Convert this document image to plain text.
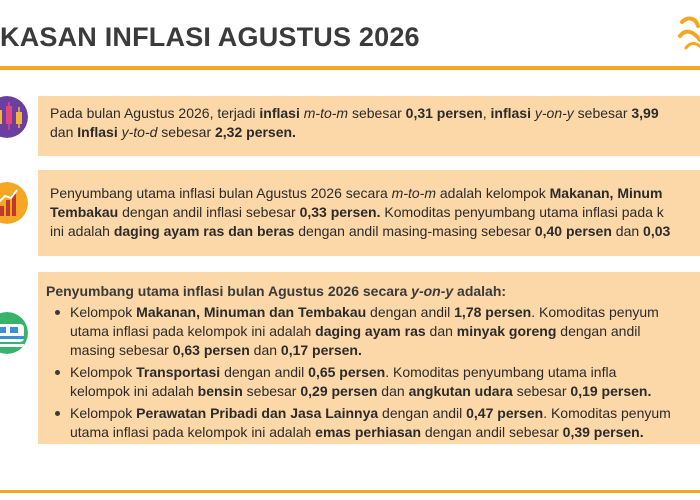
KASAN INFLASI AGUSTUS 2026

Pada bulan Agustus 2026, terjadi inflasi m-to-m sebesar 0,31 persen, inflasi y-on-y sebesar 3,99

dan Inflasi y-to-d sebesar 2,32 persen.

Penyumbang utama inflasi bulan Agustus 2026 secara m-to-m adalah kelompok Makanan, Minum

Tembakau dengan andil inflasi sebesar 0,33 persen. Komoditas penyumbang utama inflasi pada k

ini adalah daging ayam ras dan beras dengan andil masing-masing sebesar 0,40 persen dan 0,03

Penyumbang utama inflasi bulan Agustus 2026 secara y-on-y adalah:

Kelompok Makanan, Minuman dan Tembakau dengan andil 1,78 persen. Komoditas penyum

utama inflasi pada kelompok ini adalah daging ayam ras dan minyak goreng dengan andil

masing sebesar 0,63 persen dan 0,17 persen.

Kelompok Transportasi dengan andil 0,65 persen. Komoditas penyumbang utama infla

kelompok ini adalah bensin sebesar 0,29 persen dan angkutan udara sebesar 0,19 persen.

Kelompok Perawatan Pribadi dan Jasa Lainnya dengan andil 0,47 persen. Komoditas penyum

utama inflasi pada kelompok ini adalah emas perhiasan dengan andil sebesar 0,39 persen.
